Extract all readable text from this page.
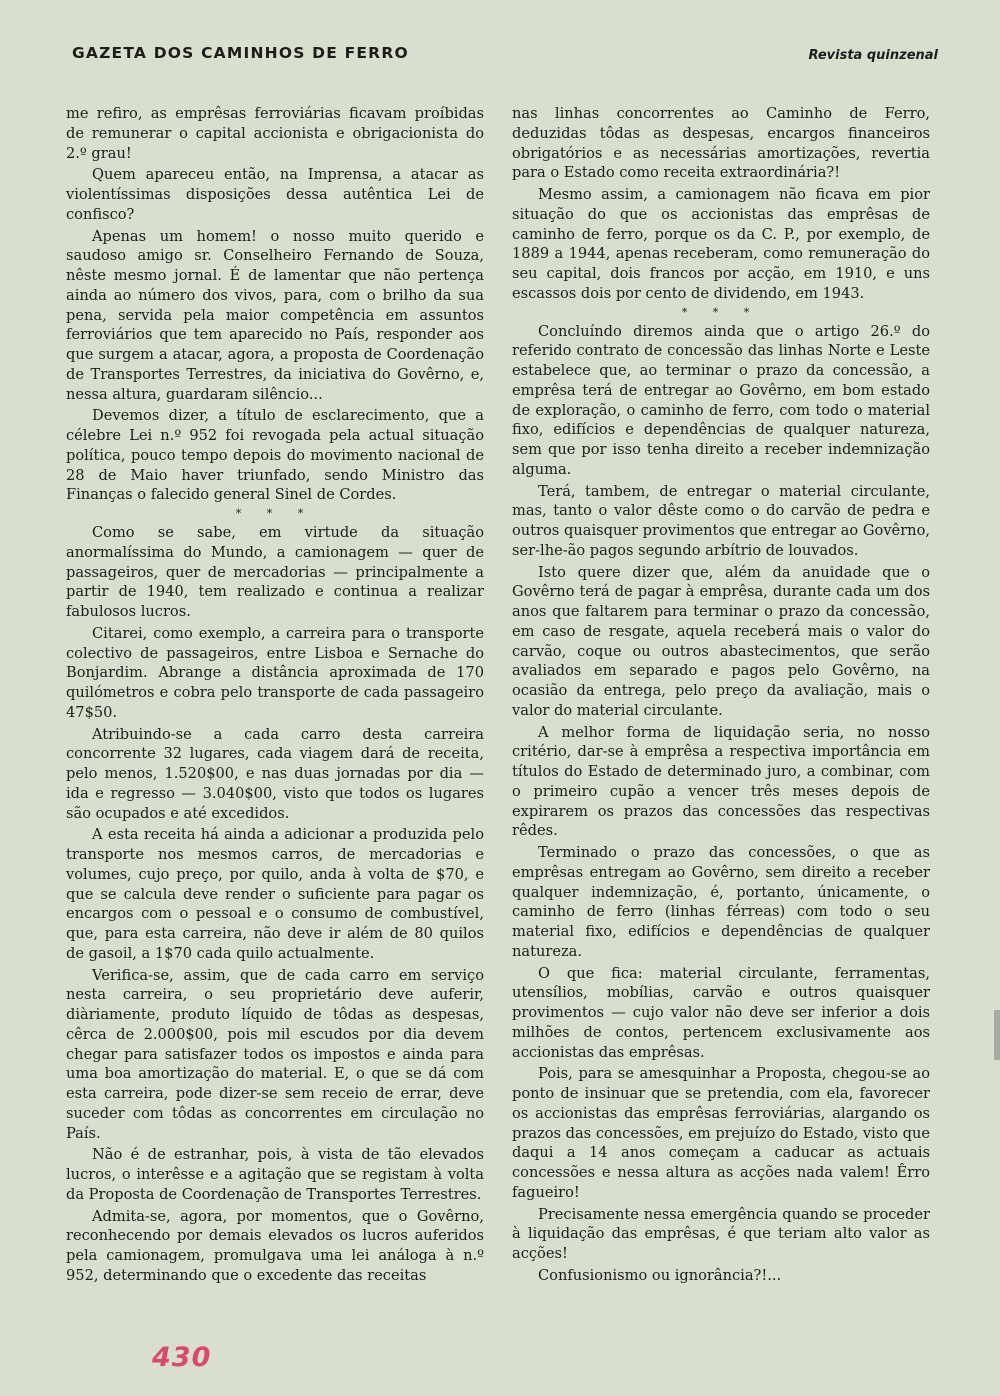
GAZETA DOS CAMINHOS DE FERRO	Revista quinzenal

me refiro, as emprêsas ferroviárias ficavam proíbidas de remunerar o capital accionista e obrigacionista do 2.º grau!

Quem apareceu então, na Imprensa, a atacar as violentíssimas disposições dessa autêntica Lei de confisco?

Apenas um homem! o nosso muito querido e saudoso amigo sr. Conselheiro Fernando de Souza, nêste mesmo jornal. É de lamentar que não pertença ainda ao número dos vivos, para, com o brilho da sua pena, servida pela maior competência em assuntos ferroviários que tem aparecido no País, responder aos que surgem a atacar, agora, a proposta de Coordenação de Transportes Terrestres, da iniciativa do Govêrno, e, nessa altura, guardaram silêncio...

Devemos dizer, a título de esclarecimento, que a célebre Lei n.º 952 foi revogada pela actual situação política, pouco tempo depois do movimento nacional de 28 de Maio haver triunfado, sendo Ministro das Finanças o falecido general Sinel de Cordes.

* * *

Como se sabe, em virtude da situação anormalíssima do Mundo, a camionagem — quer de passageiros, quer de mercadorias — principalmente a partir de 1940, tem realizado e continua a realizar fabulosos lucros.

Citarei, como exemplo, a carreira para o transporte colectivo de passageiros, entre Lisboa e Sernache do Bonjardim. Abrange a distância aproximada de 170 quilómetros e cobra pelo transporte de cada passageiro 47$50.

Atribuindo-se a cada carro desta carreira concorrente 32 lugares, cada viagem dará de receita, pelo menos, 1.520$00, e nas duas jornadas por dia — ida e regresso — 3.040$00, visto que todos os lugares são ocupados e até excedidos.

A esta receita há ainda a adicionar a produzida pelo transporte nos mesmos carros, de mercadorias e volumes, cujo preço, por quilo, anda à volta de $70, e que se calcula deve render o suficiente para pagar os encargos com o pessoal e o consumo de combustível, que, para esta carreira, não deve ir além de 80 quilos de gasoil, a 1$70 cada quilo actualmente.

Verifica-se, assim, que de cada carro em serviço nesta carreira, o seu proprietário deve auferir, diàriamente, produto líquido de tôdas as despesas, cêrca de 2.000$00, pois mil escudos por dia devem chegar para satisfazer todos os impostos e ainda para uma boa amortização do material. E, o que se dá com esta carreira, pode dizer-se sem receio de errar, deve suceder com tôdas as concorrentes em circulação no País.

Não é de estranhar, pois, à vista de tão elevados lucros, o interêsse e a agitação que se registam à volta da Proposta de Coordenação de Transportes Terrestres.

Admita-se, agora, por momentos, que o Govêrno, reconhecendo por demais elevados os lucros auferidos pela camionagem, promulgava uma lei análoga à n.º 952, determinando que o excedente das receitas

nas linhas concorrentes ao Caminho de Ferro, deduzidas tôdas as despesas, encargos financeiros obrigatórios e as necessárias amortizações, revertia para o Estado como receita extraordinária?!

Mesmo assim, a camionagem não ficava em pior situação do que os accionistas das emprêsas de caminho de ferro, porque os da C. P., por exemplo, de 1889 a 1944, apenas receberam, como remuneração do seu capital, dois francos por acção, em 1910, e uns escassos dois por cento de dividendo, em 1943.

* * *

Concluíndo diremos ainda que o artigo 26.º do referido contrato de concessão das linhas Norte e Leste estabelece que, ao terminar o prazo da concessão, a emprêsa terá de entregar ao Govêrno, em bom estado de exploração, o caminho de ferro, com todo o material fixo, edifícios e dependências de qualquer natureza, sem que por isso tenha direito a receber indemnização alguma.

Terá, tambem, de entregar o material circulante, mas, tanto o valor dêste como o do carvão de pedra e outros quaisquer provimentos que entregar ao Govêrno, ser-lhe-ão pagos segundo arbítrio de louvados.

Isto quere dizer que, além da anuidade que o Govêrno terá de pagar à emprêsa, durante cada um dos anos que faltarem para terminar o prazo da concessão, em caso de resgate, aquela receberá mais o valor do carvão, coque ou outros abastecimentos, que serão avaliados em separado e pagos pelo Govêrno, na ocasião da entrega, pelo preço da avaliação, mais o valor do material circulante.

A melhor forma de liquidação seria, no nosso critério, dar-se à emprêsa a respectiva importância em títulos do Estado de determinado juro, a combinar, com o primeiro cupão a vencer três meses depois de expirarem os prazos das concessões das respectivas rêdes.

Terminado o prazo das concessões, o que as emprêsas entregam ao Govêrno, sem direito a receber qualquer indemnização, é, portanto, únicamente, o caminho de ferro (linhas férreas) com todo o seu material fixo, edifícios e dependências de qualquer natureza.

O que fica: material circulante, ferramentas, utensílios, mobílias, carvão e outros quaisquer provimentos — cujo valor não deve ser inferior a dois milhões de contos, pertencem exclusivamente aos accionistas das emprêsas.

Pois, para se amesquinhar a Proposta, chegou-se ao ponto de insinuar que se pretendia, com ela, favorecer os accionistas das emprêsas ferroviárias, alargando os prazos das concessões, em prejuízo do Estado, visto que daqui a 14 anos começam a caducar as actuais concessões e nessa altura as acções nada valem! Êrro fagueiro!

Precisamente nessa emergência quando se proceder à liquidação das emprêsas, é que teriam alto valor as acções!

Confusionismo ou ignorância?!...

430
